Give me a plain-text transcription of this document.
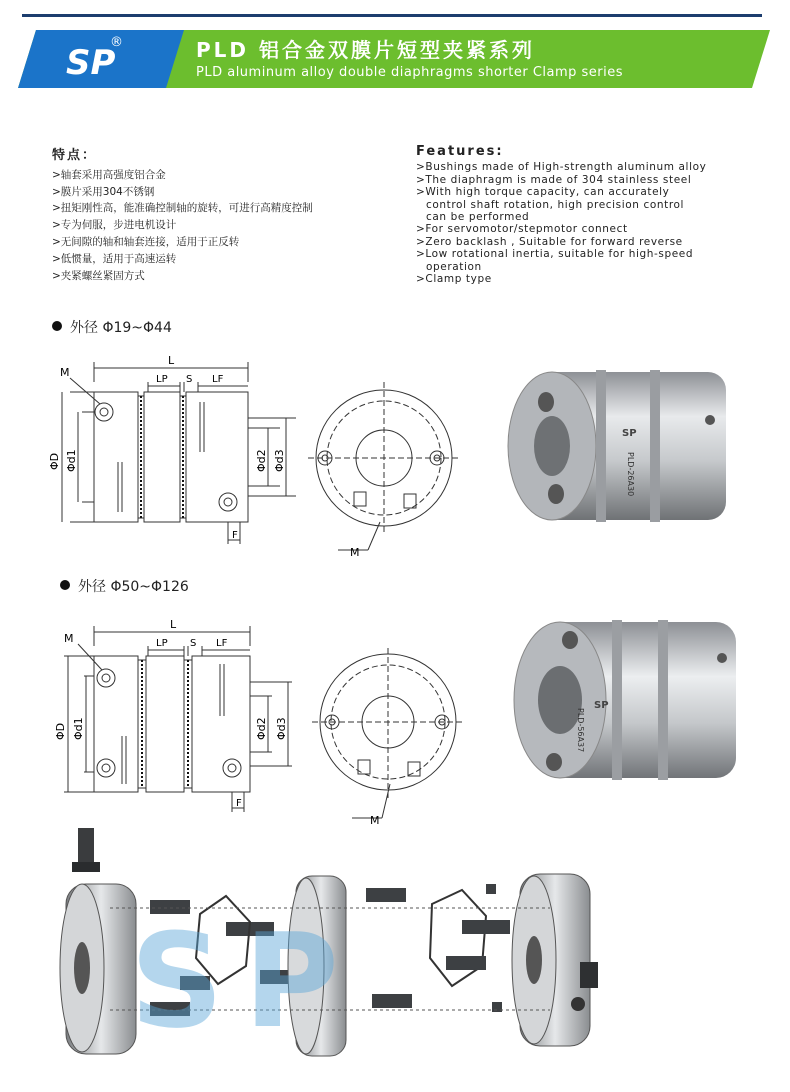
SP
®	PLD 铝合金双膜片短型夹紧系列
PLD aluminum alloy double diaphragms shorter Clamp series
特点：
>轴套采用高强度铝合金
>膜片采用304不锈钢
>扭矩刚性高，能准确控制轴的旋转，可进行高精度控制
>专为伺服，步进电机设计
>无间隙的轴和轴套连接，适用于正反转
>低惯量，适用于高速运转
>夹紧螺丝紧固方式
Features:
>Bushings made of High-strength aluminum alloy
>The diaphragm is made of 304 stainless steel
>With high torque capacity, can accurately
control shaft rotation, high precision control
can be performed
>For servomotor/stepmotor connect
>Zero backlash , Suitable for forward reverse
>Low rotational inertia, suitable for high-speed
operation
>Clamp type
外径 Φ19~Φ44
L
LP S LF
M
ΦD Φd1	Φd2 Φd3
F
M
PLD-26A30
SP
外径 Φ50~Φ126
L
LP S LF
M
ΦD Φd1	Φd2 Φd3
F
M
PLD-56A37
SP
SP
